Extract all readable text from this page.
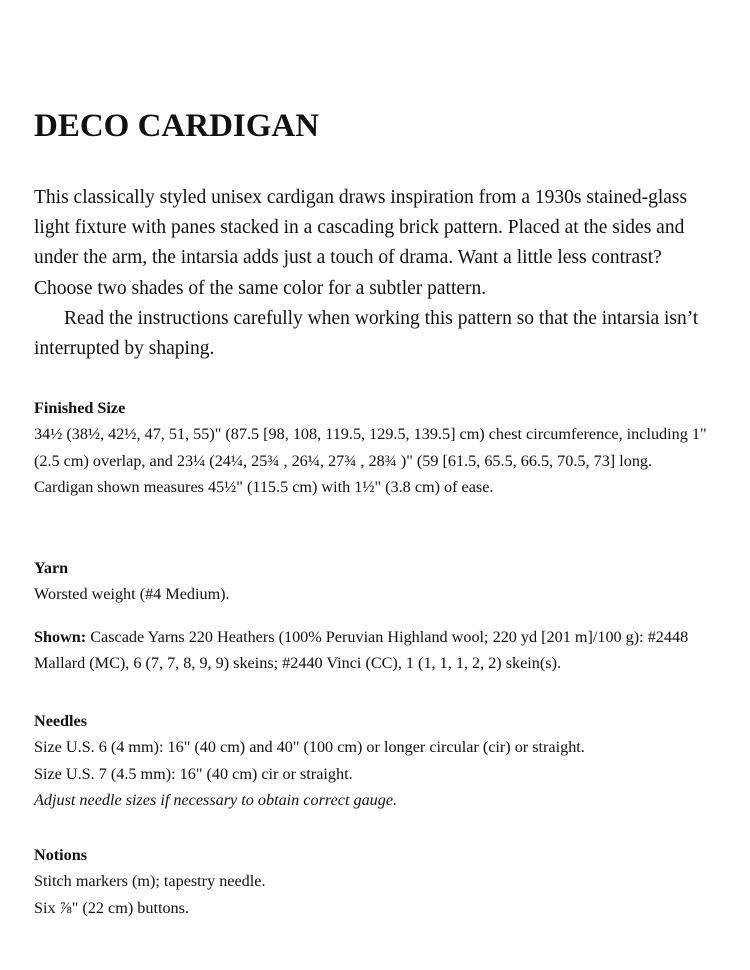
DECO CARDIGAN

This classically styled unisex cardigan draws inspiration from a 1930s stained-glass light fixture with panes stacked in a cascading brick pattern. Placed at the sides and under the arm, the intarsia adds just a touch of drama. Want a little less contrast? Choose two shades of the same color for a subtler pattern.

Read the instructions carefully when working this pattern so that the intarsia isn’t interrupted by shaping.

Finished Size
34½ (38½, 42½, 47, 51, 55)" (87.5 [98, 108, 119.5, 129.5, 139.5] cm) chest circumference, including 1" (2.5 cm) overlap, and 23¼ (24¼, 25¾ , 26¼, 27¾ , 28¾ )" (59 [61.5, 65.5, 66.5, 70.5, 73] long.
Cardigan shown measures 45½" (115.5 cm) with 1½" (3.8 cm) of ease.
Yarn
Worsted weight (#4 Medium).
Shown: Cascade Yarns 220 Heathers (100% Peruvian Highland wool; 220 yd [201 m]/100 g): #2448 Mallard (MC), 6 (7, 7, 8, 9, 9) skeins; #2440 Vinci (CC), 1 (1, 1, 1, 2, 2) skein(s).
Needles
Size U.S. 6 (4 mm): 16" (40 cm) and 40" (100 cm) or longer circular (cir) or straight.
Size U.S. 7 (4.5 mm): 16" (40 cm) cir or straight.
Adjust needle sizes if necessary to obtain correct gauge.
Notions
Stitch markers (m); tapestry needle.
Six ⅞" (22 cm) buttons.
